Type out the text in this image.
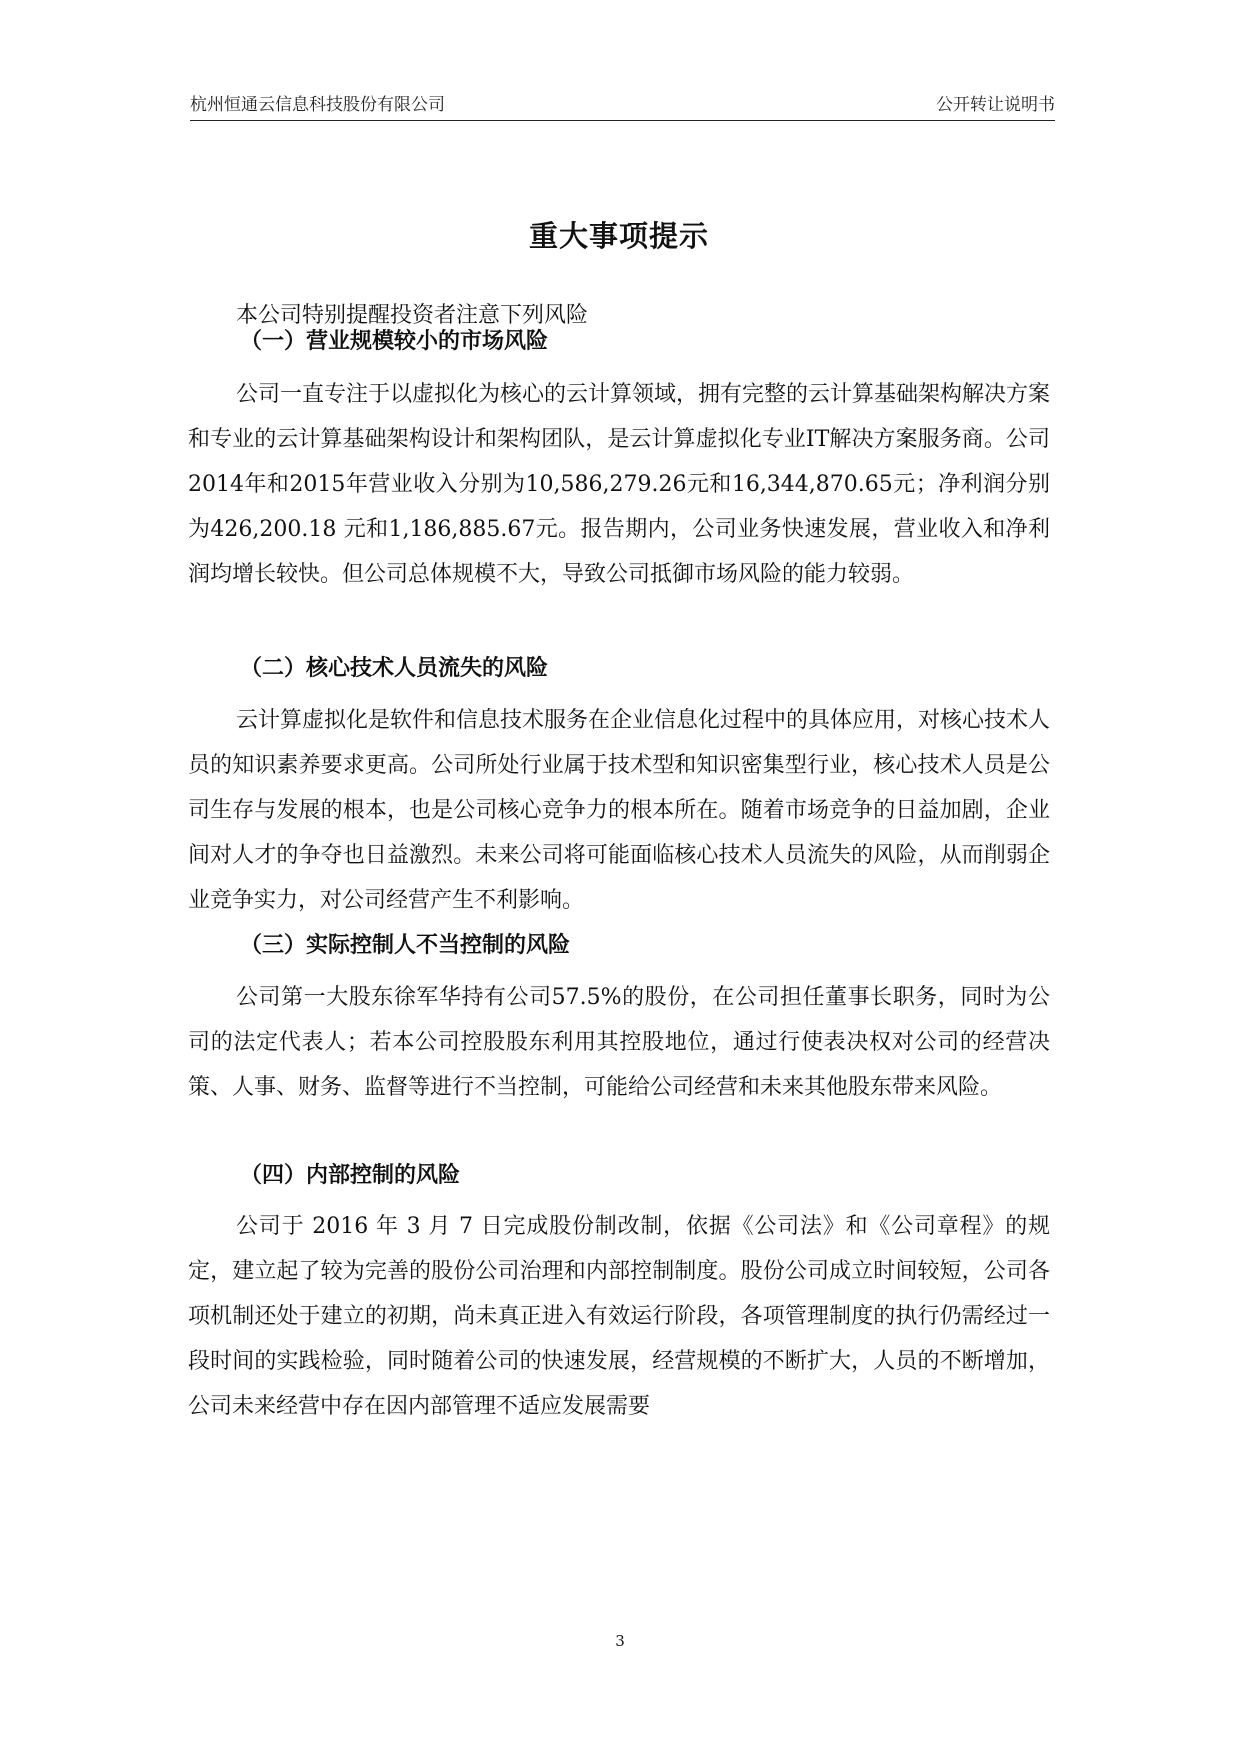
杭州恒通云信息科技股份有限公司	公开转让说明书
重大事项提示
本公司特别提醒投资者注意下列风险
（一）营业规模较小的市场风险

公司一直专注于以虚拟化为核心的云计算领域，拥有完整的云计算基础架构解决方案和专业的云计算基础架构设计和架构团队，是云计算虚拟化专业IT解决方案服务商。公司2014年和2015年营业收入分别为10,586,279.26元和16,344,870.65元；净利润分别为426,200.18 元和1,186,885.67元。报告期内，公司业务快速发展，营业收入和净利润均增长较快。但公司总体规模不大，导致公司抵御市场风险的能力较弱。

（二）核心技术人员流失的风险

云计算虚拟化是软件和信息技术服务在企业信息化过程中的具体应用，对核心技术人员的知识素养要求更高。公司所处行业属于技术型和知识密集型行业，核心技术人员是公司生存与发展的根本，也是公司核心竞争力的根本所在。随着市场竞争的日益加剧，企业间对人才的争夺也日益激烈。未来公司将可能面临核心技术人员流失的风险，从而削弱企业竞争实力，对公司经营产生不利影响。

（三）实际控制人不当控制的风险

公司第一大股东徐军华持有公司57.5%的股份，在公司担任董事长职务，同时为公司的法定代表人；若本公司控股股东利用其控股地位，通过行使表决权对公司的经营决策、人事、财务、监督等进行不当控制，可能给公司经营和未来其他股东带来风险。

（四）内部控制的风险

公司于 2016 年 3 月 7 日完成股份制改制，依据《公司法》和《公司章程》的规定，建立起了较为完善的股份公司治理和内部控制制度。股份公司成立时间较短，公司各项机制还处于建立的初期，尚未真正进入有效运行阶段，各项管理制度的执行仍需经过一段时间的实践检验，同时随着公司的快速发展，经营规模的不断扩大，人员的不断增加，公司未来经营中存在因内部管理不适应发展需要

3
